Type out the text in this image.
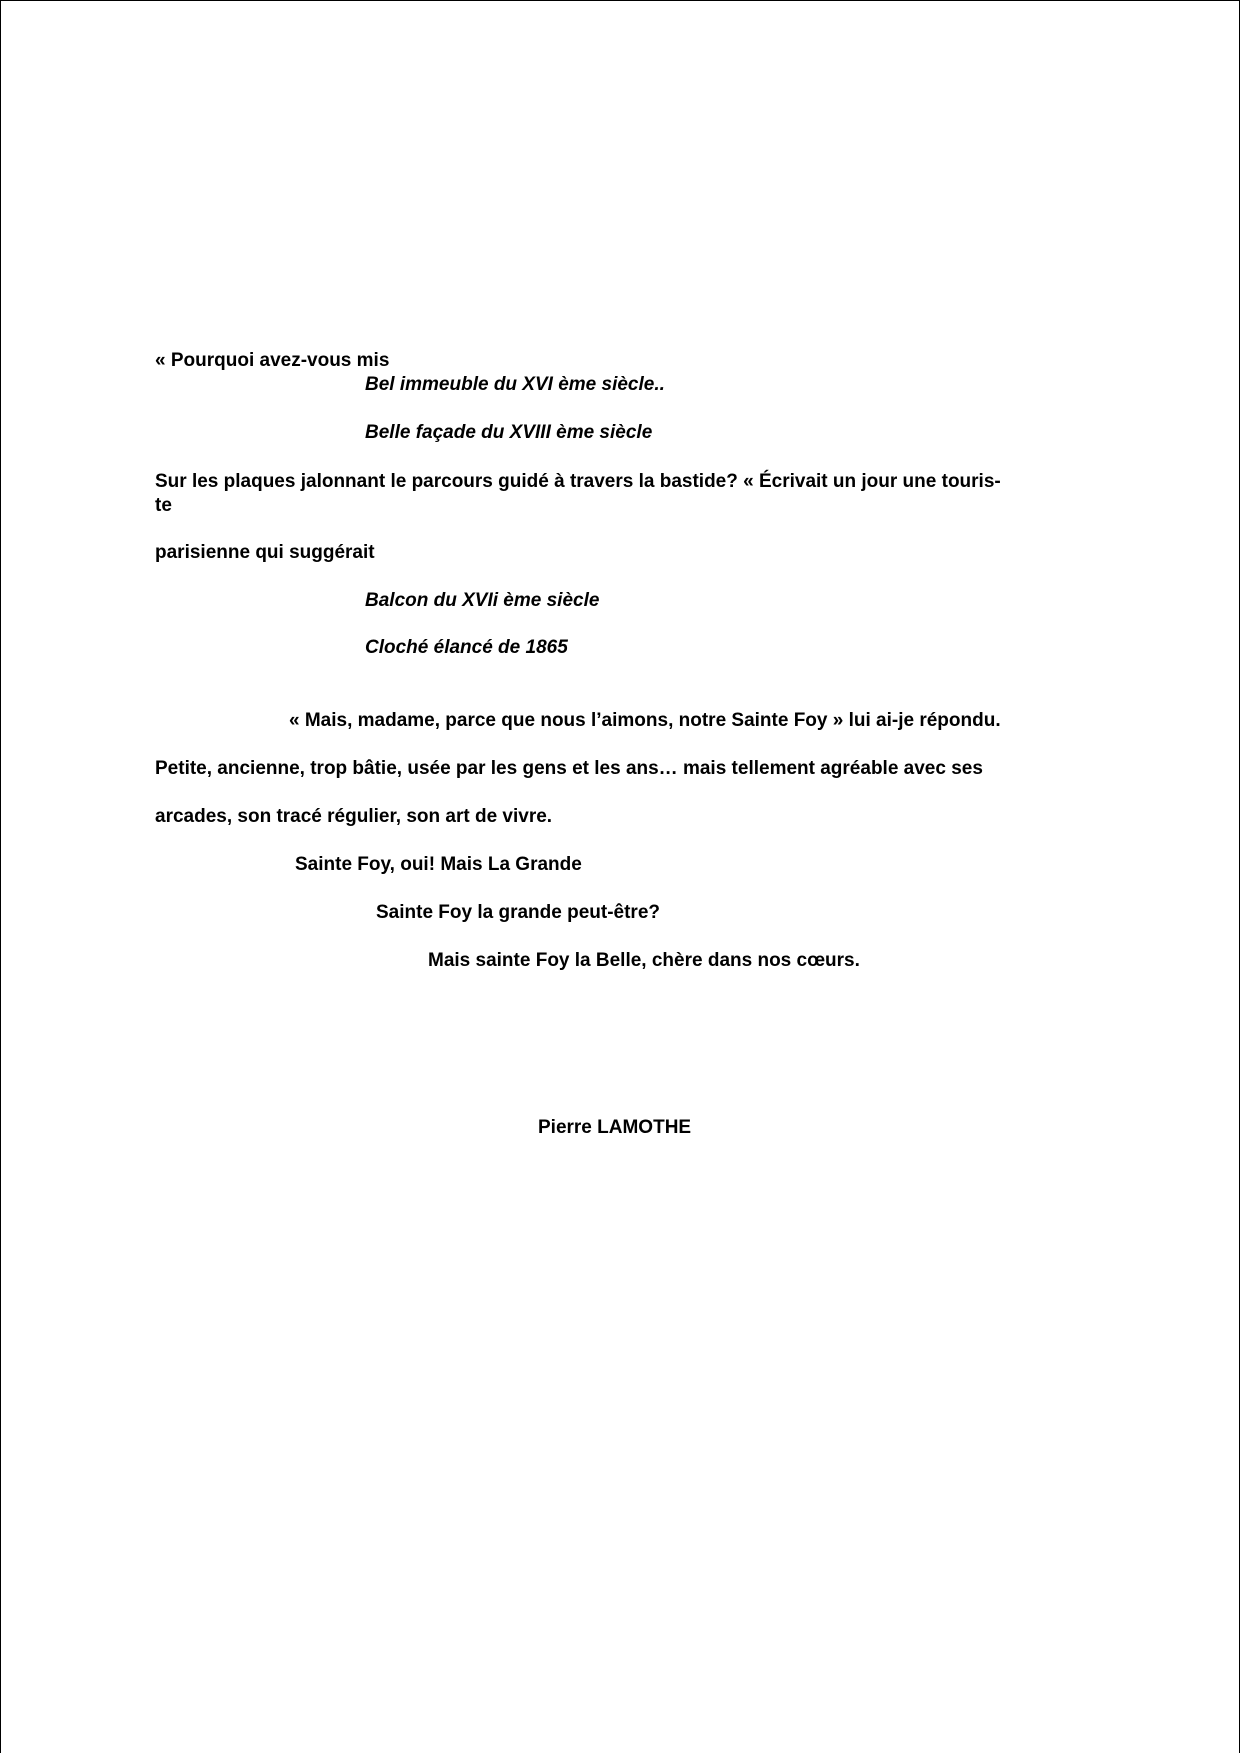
« Pourquoi avez-vous mis
Bel immeuble du XVI ème siècle..
Belle façade du XVIII ème siècle
Sur les plaques jalonnant le parcours guidé à travers la bastide? « Écrivait un jour une touris-
te
parisienne qui suggérait
Balcon du XVIi ème siècle
Cloché élancé de 1865
« Mais, madame, parce que nous l’aimons, notre Sainte Foy » lui ai-je répondu.
Petite, ancienne, trop bâtie, usée par les gens et les ans… mais tellement agréable avec ses
arcades, son tracé régulier, son art de vivre.
Sainte Foy, oui! Mais La Grande
Sainte Foy la grande peut-être?
Mais sainte Foy la Belle, chère dans nos cœurs.
Pierre LAMOTHE
